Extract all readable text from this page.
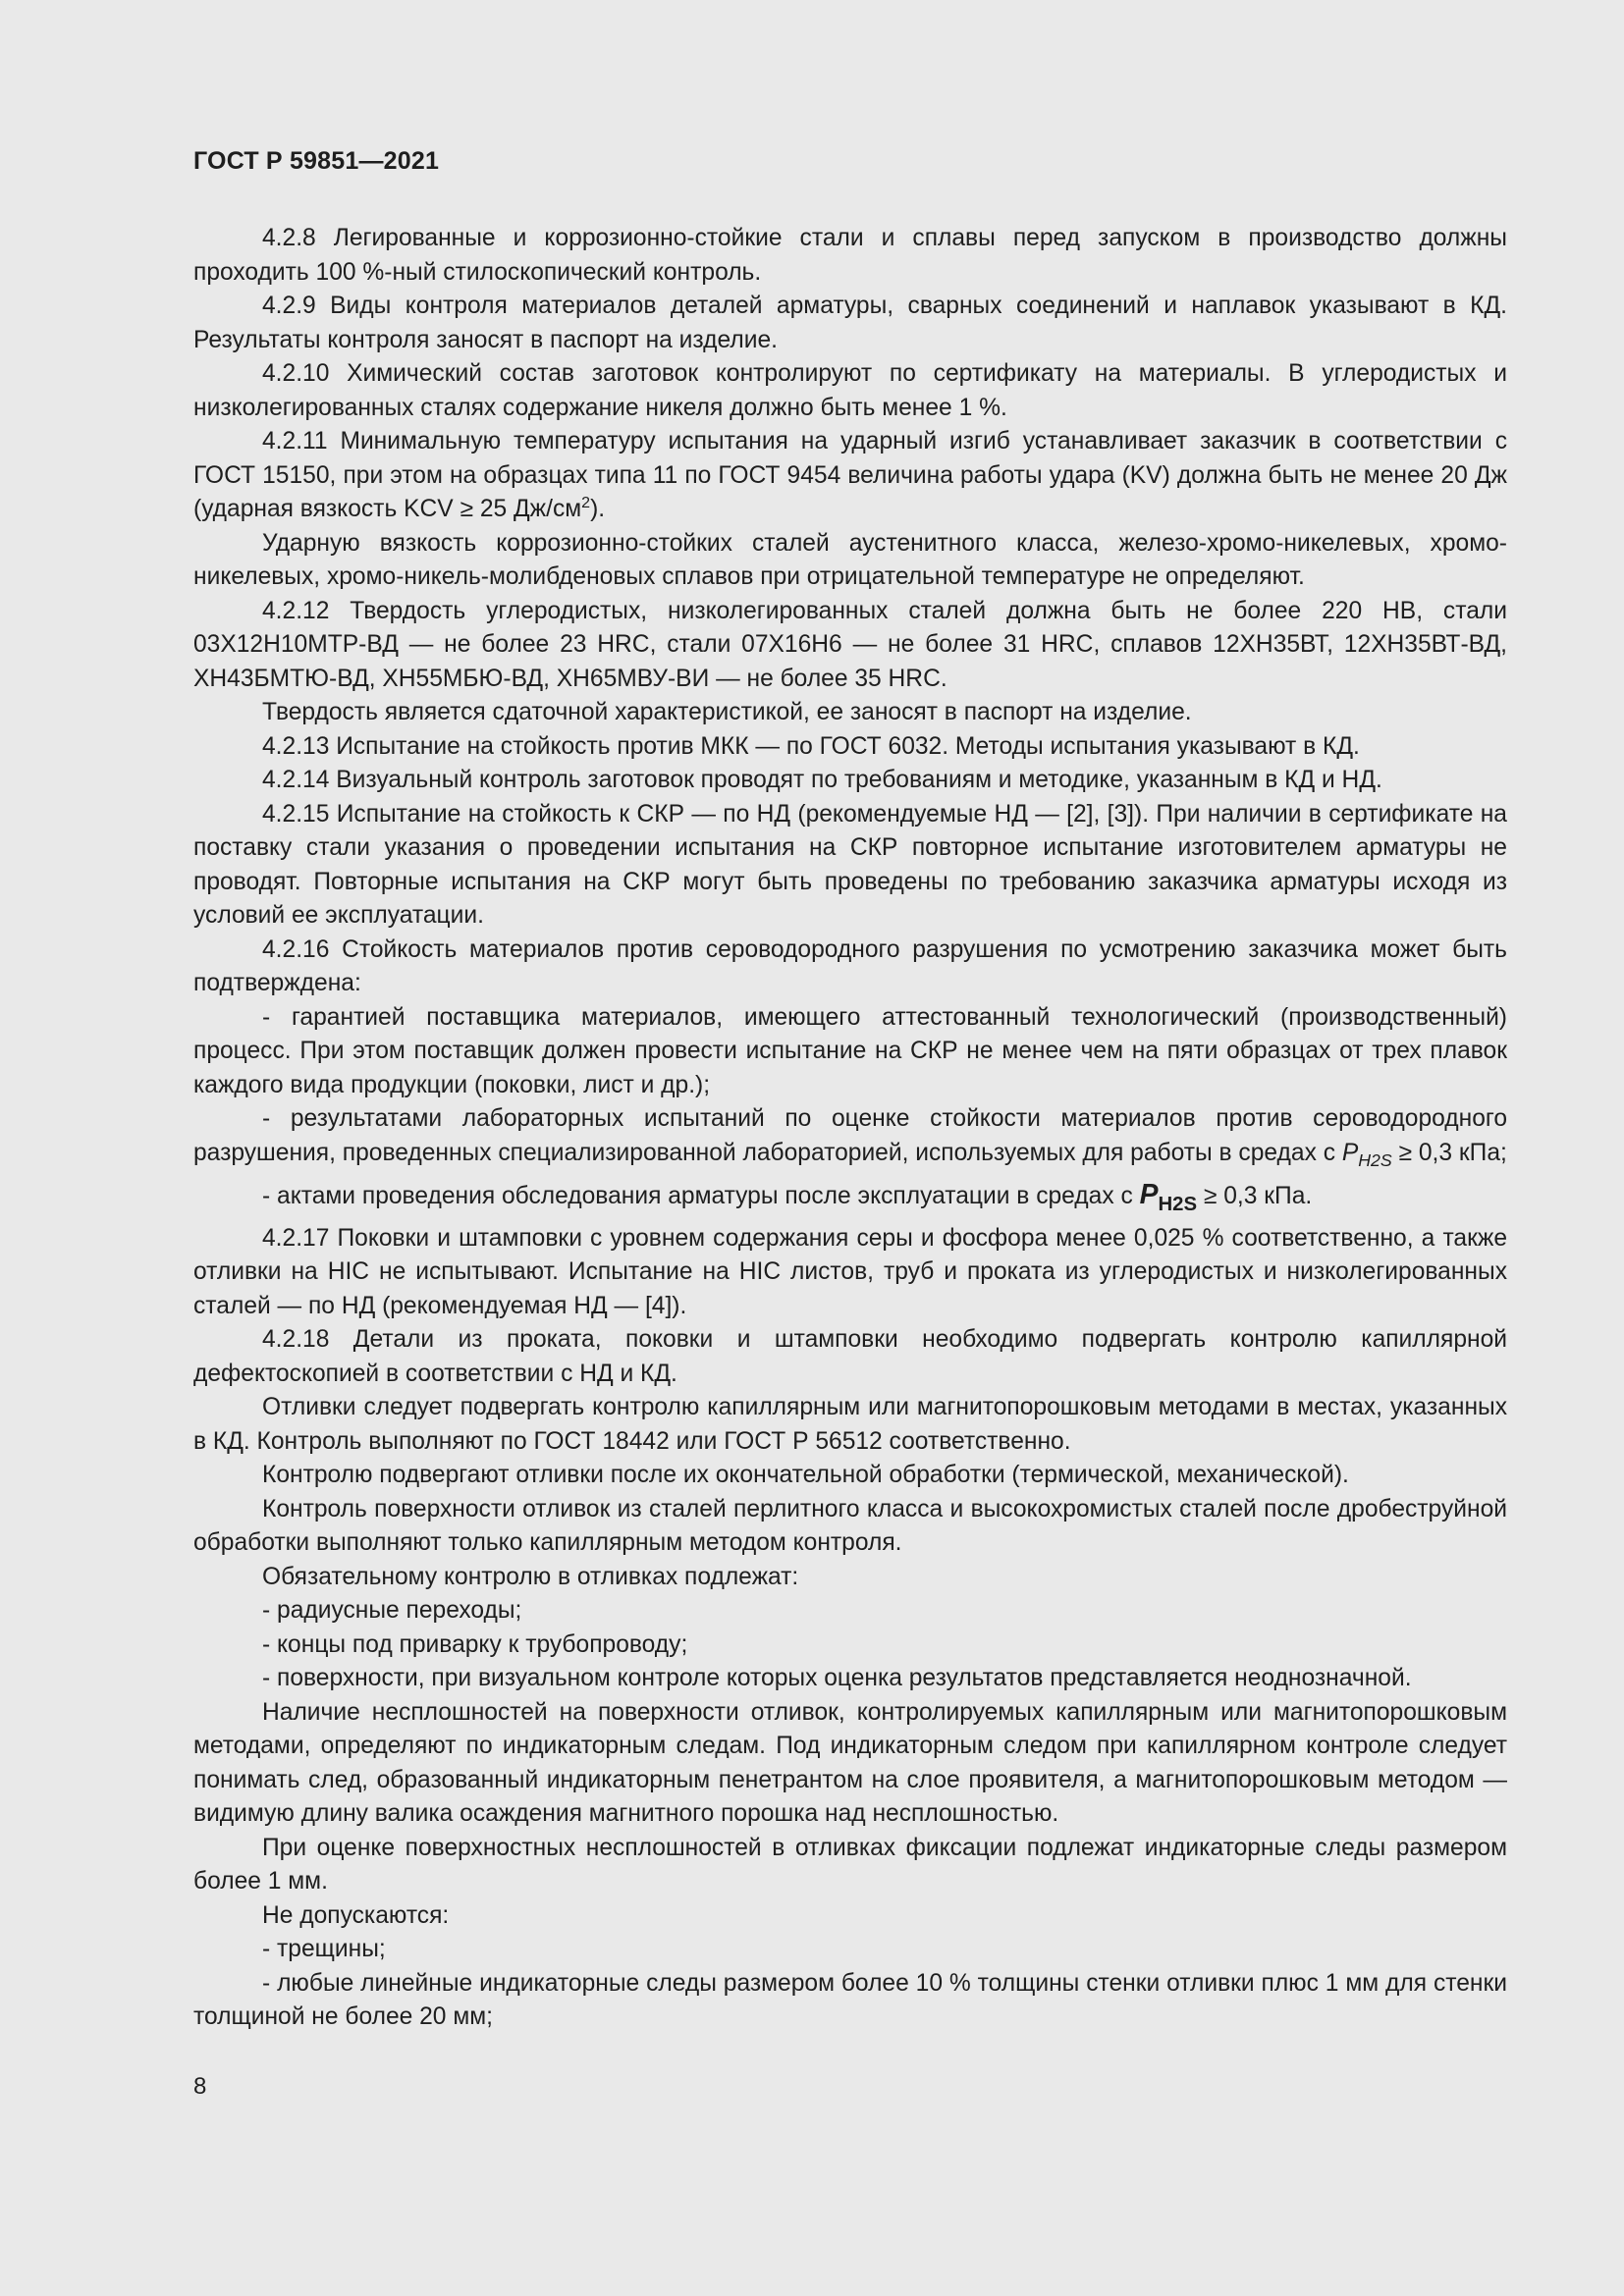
ГОСТ Р 59851—2021

4.2.8 Легированные и коррозионно-стойкие стали и сплавы перед запуском в производство должны проходить 100 %-ный стилоскопический контроль.

4.2.9 Виды контроля материалов деталей арматуры, сварных соединений и наплавок указывают в КД. Результаты контроля заносят в паспорт на изделие.

4.2.10 Химический состав заготовок контролируют по сертификату на материалы. В углеродистых и низколегированных сталях содержание никеля должно быть менее 1 %.

4.2.11 Минимальную температуру испытания на ударный изгиб устанавливает заказчик в соответствии с ГОСТ 15150, при этом на образцах типа 11 по ГОСТ 9454 величина работы удара (KV) должна быть не менее 20 Дж (ударная вязкость KCV ≥ 25 $Дж/см^2$).

Ударную вязкость коррозионно-стойких сталей аустенитного класса, железо-хромо-никелевых, хромо-никелевых, хромо-никель-молибденовых сплавов при отрицательной температуре не определяют.

4.2.12 Твердость углеродистых, низколегированных сталей должна быть не более 220 НВ, стали 03Х12Н10МТР-ВД — не более 23 HRC, стали 07Х16Н6 — не более 31 HRC, сплавов 12ХН35ВТ, 12ХН35ВТ-ВД, ХН43БМТЮ-ВД, ХН55МБЮ-ВД, ХН65МВУ-ВИ — не более 35 HRC.

Твердость является сдаточной характеристикой, ее заносят в паспорт на изделие.

4.2.13 Испытание на стойкость против МКК — по ГОСТ 6032. Методы испытания указывают в КД.

4.2.14 Визуальный контроль заготовок проводят по требованиям и методике, указанным в КД и НД.

4.2.15 Испытание на стойкость к СКР — по НД (рекомендуемые НД — [2], [3]). При наличии в сертификате на поставку стали указания о проведении испытания на СКР повторное испытание изготовителем арматуры не проводят. Повторные испытания на СКР могут быть проведены по требованию заказчика арматуры исходя из условий ее эксплуатации.

4.2.16 Стойкость материалов против сероводородного разрушения по усмотрению заказчика может быть подтверждена:

- гарантией поставщика материалов, имеющего аттестованный технологический (производственный) процесс. При этом поставщик должен провести испытание на СКР не менее чем на пяти образцах от трех плавок каждого вида продукции (поковки, лист и др.);

- результатами лабораторных испытаний по оценке стойкости материалов против сероводородного разрушения, проведенных специализированной лабораторией, используемых для работы в средах с $P_{H2S} \ge 0,3$ кПа;

- актами проведения обследования арматуры после эксплуатации в средах с $P_{H2S} \ge 0,3$ кПа.

4.2.17 Поковки и штамповки с уровнем содержания серы и фосфора менее 0,025 % соответственно, а также отливки на HIC не испытывают. Испытание на HIC листов, труб и проката из углеродистых и низколегированных сталей — по НД (рекомендуемая НД — [4]).

4.2.18 Детали из проката, поковки и штамповки необходимо подвергать контролю капиллярной дефектоскопией в соответствии с НД и КД.

Отливки следует подвергать контролю капиллярным или магнитопорошковым методами в местах, указанных в КД. Контроль выполняют по ГОСТ 18442 или ГОСТ Р 56512 соответственно.

Контролю подвергают отливки после их окончательной обработки (термической, механической).

Контроль поверхности отливок из сталей перлитного класса и высокохромистых сталей после дробеструйной обработки выполняют только капиллярным методом контроля.

Обязательному контролю в отливках подлежат:

- радиусные переходы;

- концы под приварку к трубопроводу;

- поверхности, при визуальном контроле которых оценка результатов представляется неоднозначной.

Наличие несплошностей на поверхности отливок, контролируемых капиллярным или магнитопорошковым методами, определяют по индикаторным следам. Под индикаторным следом при капиллярном контроле следует понимать след, образованный индикаторным пенетрантом на слое проявителя, а магнитопорошковым методом — видимую длину валика осаждения магнитного порошка над несплошностью.

При оценке поверхностных несплошностей в отливках фиксации подлежат индикаторные следы размером более 1 мм.

Не допускаются:

- трещины;

- любые линейные индикаторные следы размером более 10 % толщины стенки отливки плюс 1 мм для стенки толщиной не более 20 мм;

8
